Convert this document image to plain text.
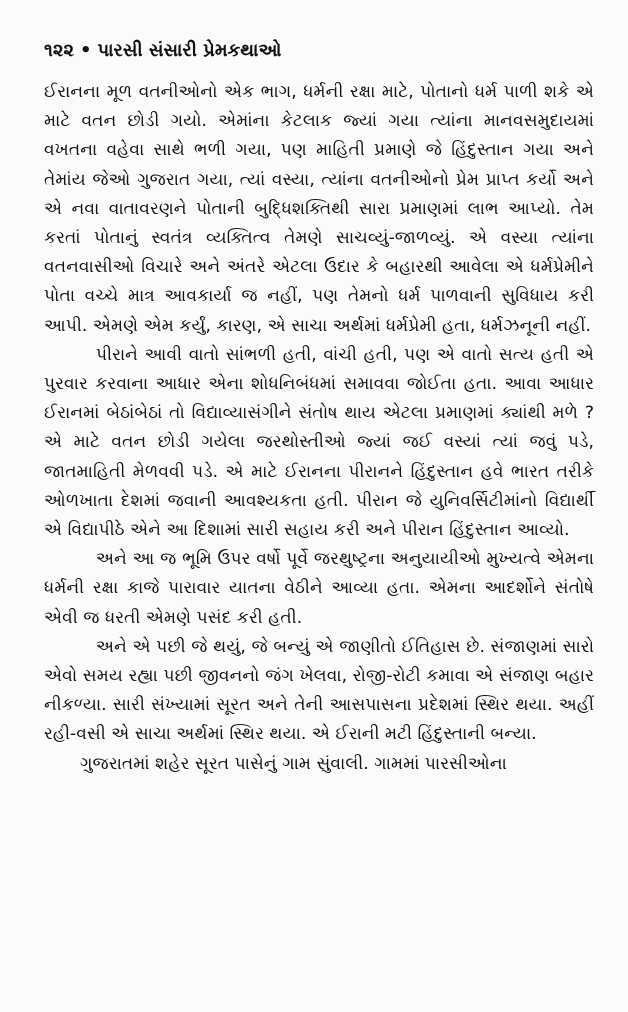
૧૨૨ • પારસી સંસારી પ્રેમકથાઓ

ઈરાનના મૂળ વતનીઓનો એક ભાગ, ધર્મની રક્ષા માટે, પોતાનો ધર્મ પાળી શકે એ માટે વતન છોડી ગયો. એમાંના કેટલાક જ્યાં ગયા ત્યાંના માનવસમુદાયમાં વખતના વહેવા સાથે ભળી ગયા, પણ માહિતી પ્રમાણે જે હિંદુસ્તાન ગયા અને તેમાંય જેઓ ગુજરાત ગયા, ત્યાં વસ્યા, ત્યાંના વતનીઓનો પ્રેમ પ્રાપ્ત કર્યો અને એ નવા વાતાવરણને પોતાની બુદ્ધિશક્તિથી સારા પ્રમાણમાં લાભ આપ્યો. તેમ કરતાં પોતાનું સ્વતંત્ર વ્યક્તિત્વ તેમણે સાચવ્યું-જાળવ્યું. એ વસ્યા ત્યાંના વતનવાસીઓ વિચારે અને અંતરે એટલા ઉદાર કે બહારથી આવેલા એ ધર્મપ્રેમીને પોતા વચ્ચે માત્ર આવકાર્યા જ નહીં, પણ તેમનો ધર્મ પાળવાની સુવિધાય કરી આપી. એમણે એમ કર્યું, કારણ, એ સાચા અર્થમાં ધર્મપ્રેમી હતા, ધર્મઝનૂની નહીં.

પીરાને આવી વાતો સાંભળી હતી, વાંચી હતી, પણ એ વાતો સત્ય હતી એ પુરવાર કરવાના આધાર એના શોધનિબંધમાં સમાવવા જોઈતા હતા. આવા આધાર ઈરાનમાં બેઠાંબેઠાં તો વિદ્યાવ્યાસંગીને સંતોષ થાય એટલા પ્રમાણમાં ક્યાંથી મળે ? એ માટે વતન છોડી ગયેલા જરથોસ્તીઓ જ્યાં જઈ વસ્યાં ત્યાં જવું પડે, જાતમાહિતી મેળવવી પડે. એ માટે ઈરાનના પીરાનને હિંદુસ્તાન હવે ભારત તરીકે ઓળખાતા દેશમાં જવાની આવશ્યકતા હતી. પીરાન જે યુનિવર્સિટીમાંનો વિદ્યાર્થી એ વિદ્યાપીઠે એને આ દિશામાં સારી સહાય કરી અને પીરાન હિંદુસ્તાન આવ્યો.

અને આ જ ભૂમિ ઉપર વર્ષો પૂર્વે જરથુષ્ટ્રના અનુયાયીઓ મુખ્યત્વે એમના ધર્મની રક્ષા કાજે પારાવાર યાતના વેઠીને આવ્યા હતા. એમના આદર્શોને સંતોષે એવી જ ધરતી એમણે પસંદ કરી હતી.

અને એ પછી જે થયું, જે બન્યું એ જાણીતો ઈતિહાસ છે. સંજાણમાં સારો એવો સમય રહ્યા પછી જીવનનો જંગ ખેલવા, રોજી-રોટી કમાવા એ સંજાણ બહાર નીકળ્યા. સારી સંખ્યામાં સૂરત અને તેની આસપાસના પ્રદેશમાં સ્થિર થયા. અહીં રહી-વસી એ સાચા અર્થમાં સ્થિર થયા. એ ઈરાની મટી હિંદુસ્તાની બન્યા.

ગુજરાતમાં શહેર સૂરત પાસેનું ગામ સુંવાલી. ગામમાં પારસીઓના
